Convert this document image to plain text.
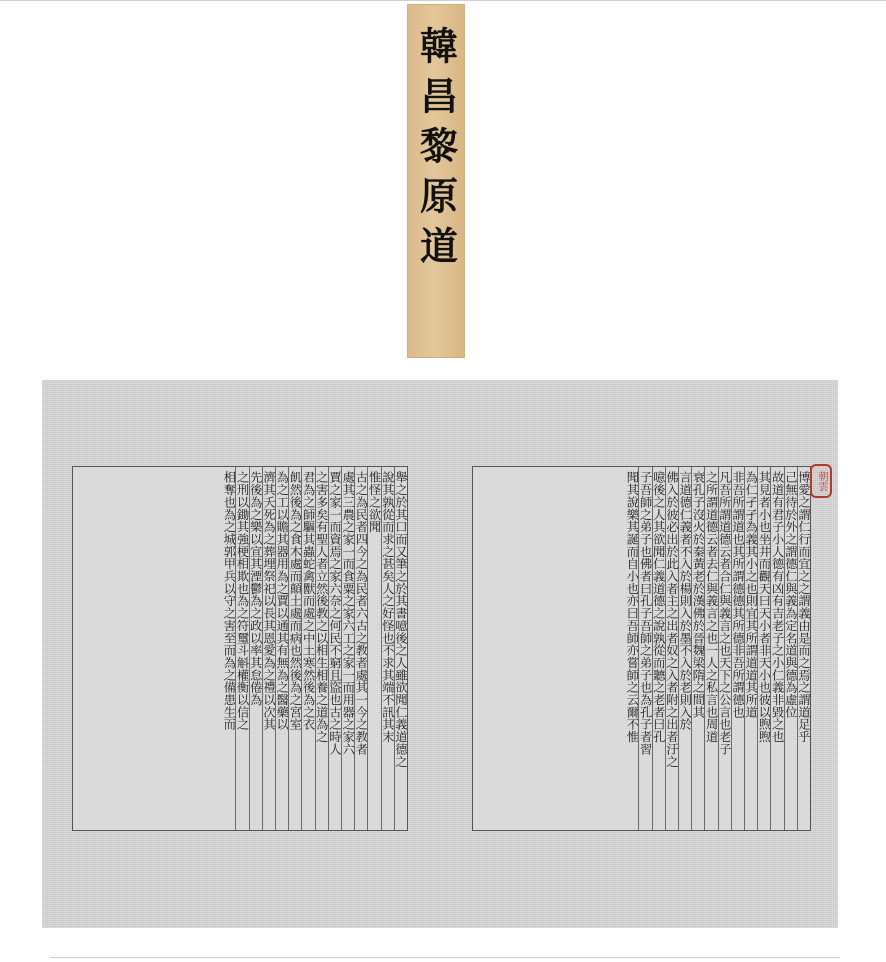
韓昌黎原道
博愛之謂仁行而宜之之謂義由是而之焉之謂道足乎
己無待於外之謂德仁與義為定名道與德為虛位
故道有君子小人德有凶有吉老子之小仁義非毀之也
其見者小也坐井而觀天曰天小者非天小也彼以煦煦
為仁孑孑為義其小之也則宜其所謂道道其所道
非吾所謂道也其所謂德德其所德非吾所謂德也
凡吾所謂道德云者合仁與義言之也天下之公言也老子
之所謂道德云者去仁與義言之也一人之私言也周道
衰孔子沒火於秦黃老於漢佛於晉魏梁隋之間其
言道德仁義者不入於楊則入於墨不入於老則入於
佛入於彼必出於此入者主之出者奴之入者附之出者汙之
噫後之人其欲聞仁義道德之說孰從而聽之老者曰孔
子吾師之弟子也佛者曰孔子吾師之弟子也為孔子者習
聞其說樂其誕而自小也亦曰吾師亦嘗師之云爾不惟	朝雲
舉之於其口而又筆之於其書噫後之人雖欲聞仁義道德之
說其孰從而求之甚矣人之好怪也不求其端不訊其末
惟怪之欲聞
古之為民者四今之為民者六古之教者處其一今之教者
處其三農之家一而食粟之家六工之家一而用器之家六
賈之家一而資焉之家六奈之何民不窮且盜也古之時人
之害多矣有聖人者立然後教之以相生相養之道為之
君為之師驅其蟲蛇禽獸而處之中土寒然後為之衣
飢然後為之食木處而顛土處而病也然後為之宮室
為之工以贍其器用為之賈以通其有無為之醫藥以
濟其夭死為之葬埋祭祀以長其恩愛為之禮以次其
先後為之樂以宣其湮鬱為之政以率其怠倦為
之刑以鋤其強梗相欺也為之符璽斗斛權衡以信之
相奪也為之城郭甲兵以守之害至而為之備患生而
